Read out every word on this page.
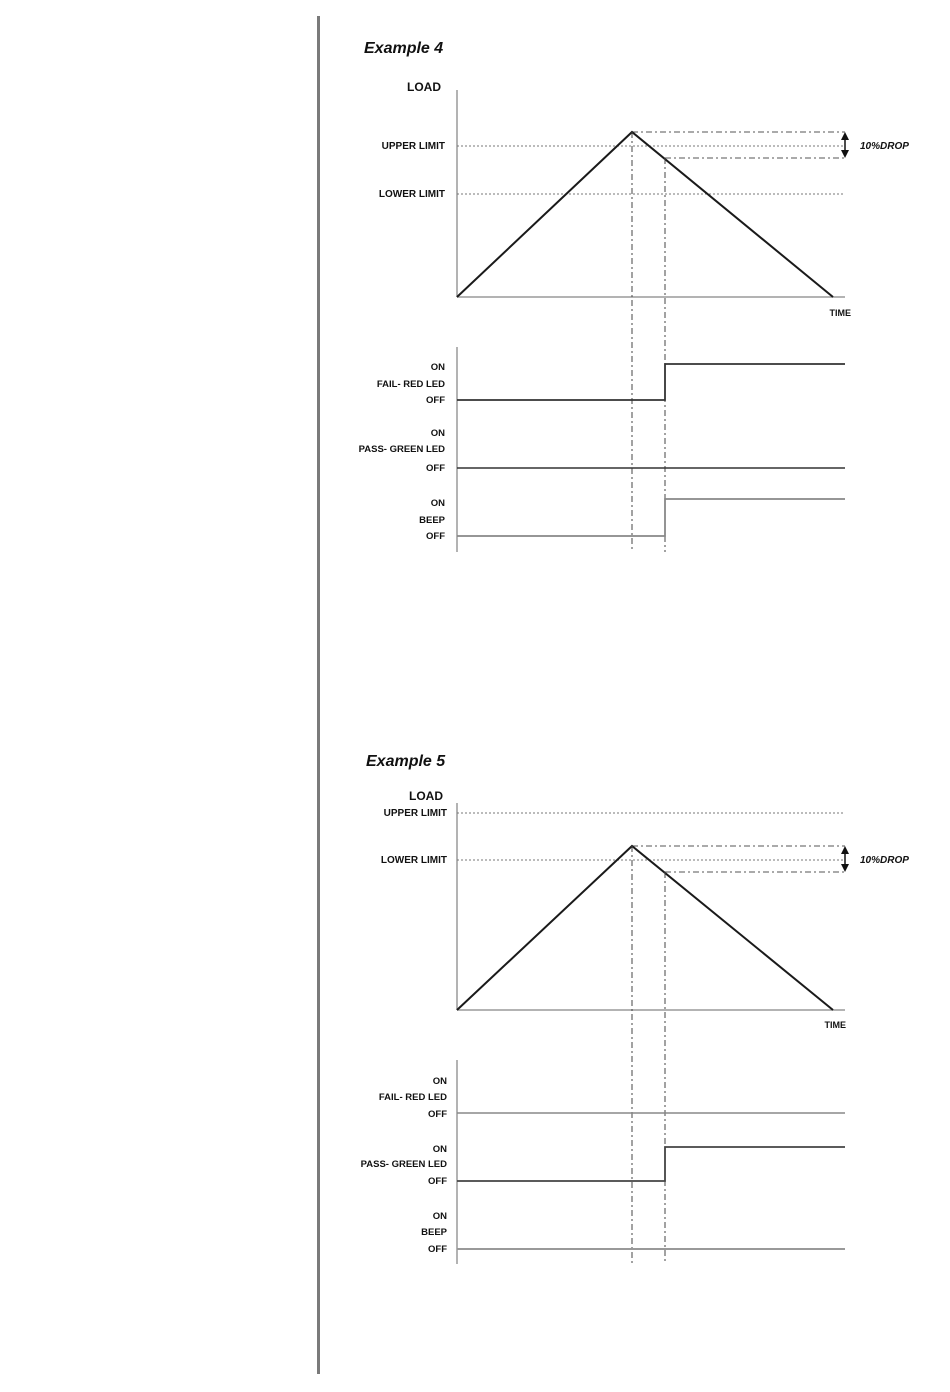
Example 4
LOAD
UPPER LIMIT
LOWER LIMIT
TIME
10%DROP
ON
FAIL- RED LED
OFF
ON
PASS- GREEN LED
OFF
ON
BEEP
OFF
Example 5
LOAD
UPPER LIMIT
LOWER LIMIT
TIME
10%DROP
ON
FAIL- RED LED
OFF
ON
PASS- GREEN LED
OFF
ON
BEEP
OFF
